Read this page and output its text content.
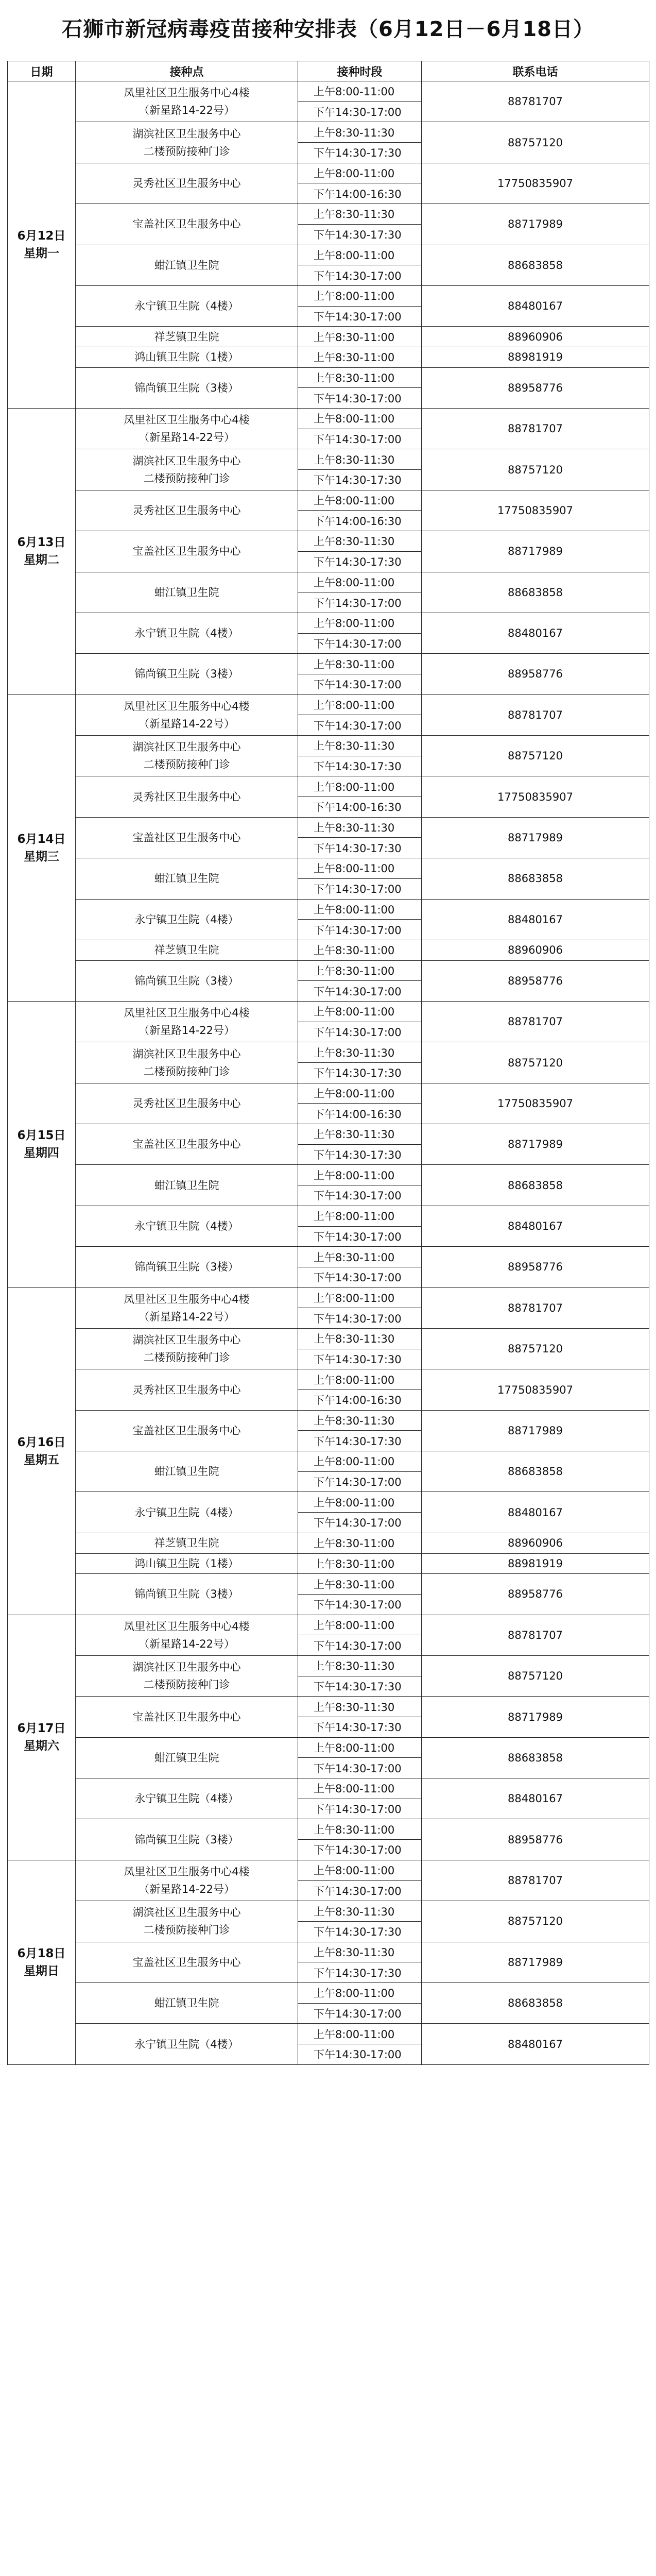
石狮市新冠病毒疫苗接种安排表（6月12日－6月18日）
日期	接种点	接种时段	联系电话

6月12日
星期一	凤里社区卫生服务中心4楼
（新星路14-22号）	上午8:00-11:00	88781707
		下午14:30-17:00	

	湖滨社区卫生服务中心
二楼预防接种门诊	上午8:30-11:30	88757120
		下午14:30-17:30	

	灵秀社区卫生服务中心	上午8:00-11:00	17750835907
		下午14:00-16:30	

	宝盖社区卫生服务中心	上午8:30-11:30	88717989
		下午14:30-17:30	

	蚶江镇卫生院	上午8:00-11:00	88683858
		下午14:30-17:00	

	永宁镇卫生院（4楼）	上午8:00-11:00	88480167
		下午14:30-17:00	

	祥芝镇卫生院	上午8:30-11:00	88960906

	鸿山镇卫生院（1楼）	上午8:30-11:00	88981919

	锦尚镇卫生院（3楼）	上午8:30-11:00	88958776
		下午14:30-17:00	

6月13日
星期二	凤里社区卫生服务中心4楼
（新星路14-22号）	上午8:00-11:00	88781707
		下午14:30-17:00	

	湖滨社区卫生服务中心
二楼预防接种门诊	上午8:30-11:30	88757120
		下午14:30-17:30	

	灵秀社区卫生服务中心	上午8:00-11:00	17750835907
		下午14:00-16:30	

	宝盖社区卫生服务中心	上午8:30-11:30	88717989
		下午14:30-17:30	

	蚶江镇卫生院	上午8:00-11:00	88683858
		下午14:30-17:00	

	永宁镇卫生院（4楼）	上午8:00-11:00	88480167
		下午14:30-17:00	

	锦尚镇卫生院（3楼）	上午8:30-11:00	88958776
		下午14:30-17:00	

6月14日
星期三	凤里社区卫生服务中心4楼
（新星路14-22号）	上午8:00-11:00	88781707
		下午14:30-17:00	

	湖滨社区卫生服务中心
二楼预防接种门诊	上午8:30-11:30	88757120
		下午14:30-17:30	

	灵秀社区卫生服务中心	上午8:00-11:00	17750835907
		下午14:00-16:30	

	宝盖社区卫生服务中心	上午8:30-11:30	88717989
		下午14:30-17:30	

	蚶江镇卫生院	上午8:00-11:00	88683858
		下午14:30-17:00	

	永宁镇卫生院（4楼）	上午8:00-11:00	88480167
		下午14:30-17:00	

	祥芝镇卫生院	上午8:30-11:00	88960906

	锦尚镇卫生院（3楼）	上午8:30-11:00	88958776
		下午14:30-17:00	

6月15日
星期四	凤里社区卫生服务中心4楼
（新星路14-22号）	上午8:00-11:00	88781707
		下午14:30-17:00	

	湖滨社区卫生服务中心
二楼预防接种门诊	上午8:30-11:30	88757120
		下午14:30-17:30	

	灵秀社区卫生服务中心	上午8:00-11:00	17750835907
		下午14:00-16:30	

	宝盖社区卫生服务中心	上午8:30-11:30	88717989
		下午14:30-17:30	

	蚶江镇卫生院	上午8:00-11:00	88683858
		下午14:30-17:00	

	永宁镇卫生院（4楼）	上午8:00-11:00	88480167
		下午14:30-17:00	

	锦尚镇卫生院（3楼）	上午8:30-11:00	88958776
		下午14:30-17:00	

6月16日
星期五	凤里社区卫生服务中心4楼
（新星路14-22号）	上午8:00-11:00	88781707
		下午14:30-17:00	

	湖滨社区卫生服务中心
二楼预防接种门诊	上午8:30-11:30	88757120
		下午14:30-17:30	

	灵秀社区卫生服务中心	上午8:00-11:00	17750835907
		下午14:00-16:30	

	宝盖社区卫生服务中心	上午8:30-11:30	88717989
		下午14:30-17:30	

	蚶江镇卫生院	上午8:00-11:00	88683858
		下午14:30-17:00	

	永宁镇卫生院（4楼）	上午8:00-11:00	88480167
		下午14:30-17:00	

	祥芝镇卫生院	上午8:30-11:00	88960906

	鸿山镇卫生院（1楼）	上午8:30-11:00	88981919

	锦尚镇卫生院（3楼）	上午8:30-11:00	88958776
		下午14:30-17:00	

6月17日
星期六	凤里社区卫生服务中心4楼
（新星路14-22号）	上午8:00-11:00	88781707
		下午14:30-17:00	

	湖滨社区卫生服务中心
二楼预防接种门诊	上午8:30-11:30	88757120
		下午14:30-17:30	

	宝盖社区卫生服务中心	上午8:30-11:30	88717989
		下午14:30-17:30	

	蚶江镇卫生院	上午8:00-11:00	88683858
		下午14:30-17:00	

	永宁镇卫生院（4楼）	上午8:00-11:00	88480167
		下午14:30-17:00	

	锦尚镇卫生院（3楼）	上午8:30-11:00	88958776
		下午14:30-17:00	

6月18日
星期日	凤里社区卫生服务中心4楼
（新星路14-22号）	上午8:00-11:00	88781707
		下午14:30-17:00	

	湖滨社区卫生服务中心
二楼预防接种门诊	上午8:30-11:30	88757120
		下午14:30-17:30	

	宝盖社区卫生服务中心	上午8:30-11:30	88717989
		下午14:30-17:30	

	蚶江镇卫生院	上午8:00-11:00	88683858
		下午14:30-17:00	

	永宁镇卫生院（4楼）	上午8:00-11:00	88480167
		下午14:30-17:00	
